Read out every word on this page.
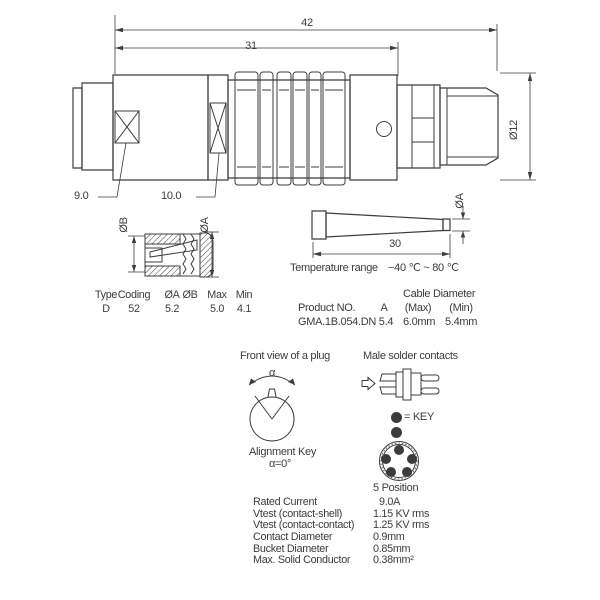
42
31
Ø12
9.0	10.0
ØB	ØA
30
ØA
Temperature range −40 ℃ ~ 80 ℃
Type Coding ØA ØB Max Min
D	52	5.2	5.0	4.1
Cable Diameter
Product NO.	A	(Max) (Min)
GMA.1B.054.DN 5.4 6.0mm 5.4mm
Front view of a plug
α
Alignment Key
α=0°
Male solder contacts
= KEY
5 Position
Rated Current	9.0A
Vtest (contact-shell)	1.15 KV rms
Vtest (contact-contact)	1.25 KV rms
Contact Diameter	0.9mm
Bucket Diameter	0.85mm
Max. Solid Conductor	0.38mm²
